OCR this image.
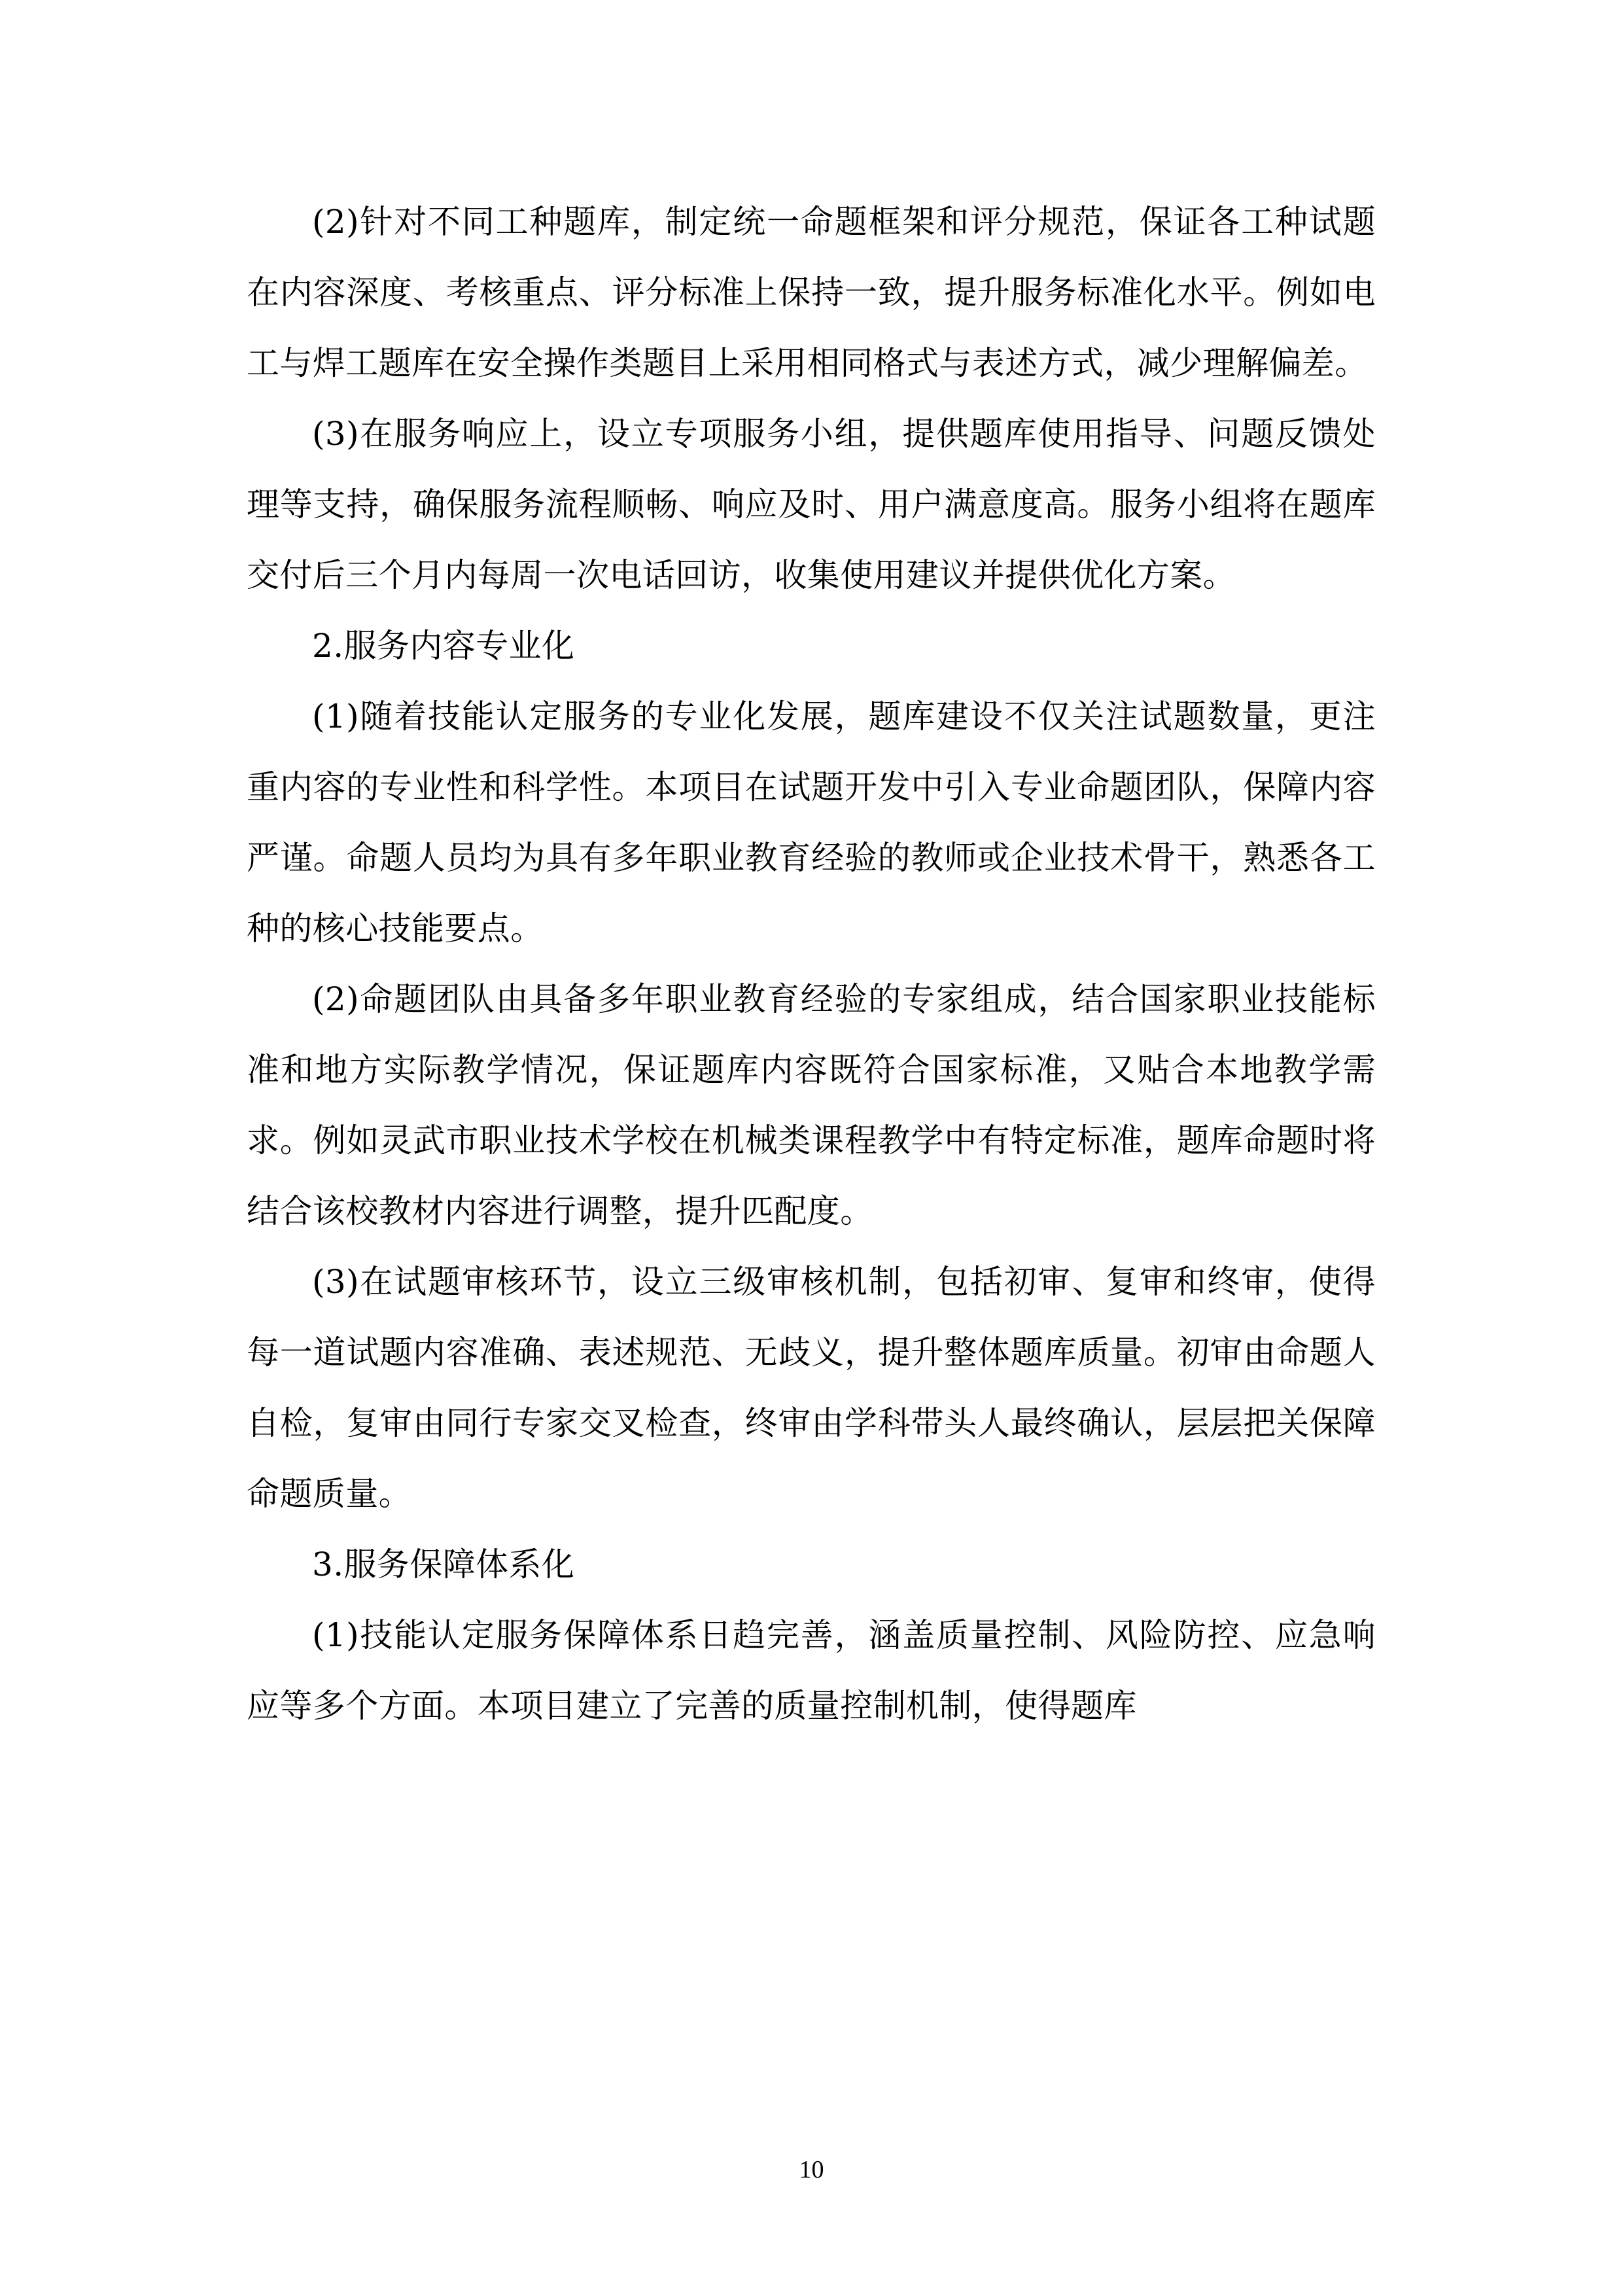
(2)针对不同工种题库，制定统一命题框架和评分规范，保证各工种试题在内容深度、考核重点、评分标准上保持一致，提升服务标准化水平。例如电工与焊工题库在安全操作类题目上采用相同格式与表述方式，减少理解偏差。

(3)在服务响应上，设立专项服务小组，提供题库使用指导、问题反馈处理等支持，确保服务流程顺畅、响应及时、用户满意度高。服务小组将在题库交付后三个月内每周一次电话回访，收集使用建议并提供优化方案。

2.服务内容专业化

(1)随着技能认定服务的专业化发展，题库建设不仅关注试题数量，更注重内容的专业性和科学性。本项目在试题开发中引入专业命题团队，保障内容严谨。命题人员均为具有多年职业教育经验的教师或企业技术骨干，熟悉各工种的核心技能要点。

(2)命题团队由具备多年职业教育经验的专家组成，结合国家职业技能标准和地方实际教学情况，保证题库内容既符合国家标准，又贴合本地教学需求。例如灵武市职业技术学校在机械类课程教学中有特定标准，题库命题时将结合该校教材内容进行调整，提升匹配度。

(3)在试题审核环节，设立三级审核机制，包括初审、复审和终审，使得每一道试题内容准确、表述规范、无歧义，提升整体题库质量。初审由命题人自检，复审由同行专家交叉检查，终审由学科带头人最终确认，层层把关保障命题质量。

3.服务保障体系化

(1)技能认定服务保障体系日趋完善，涵盖质量控制、风险防控、应急响应等多个方面。本项目建立了完善的质量控制机制，使得题库

10
